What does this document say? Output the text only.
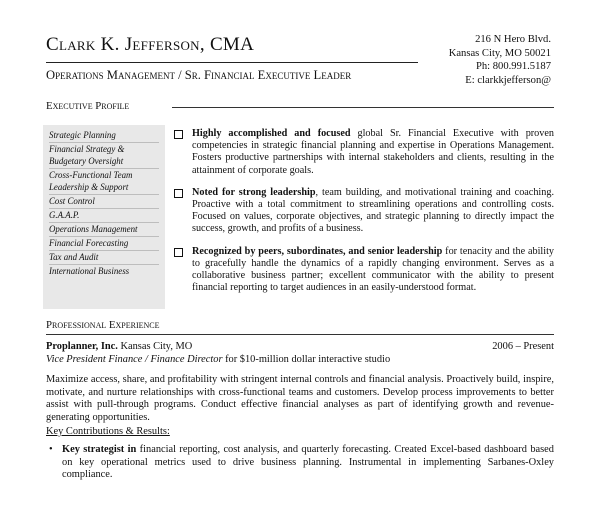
Clark K. Jefferson, CMA
Operations Management / Sr. Financial Executive Leader
216 N Hero Blvd.
Kansas City, MO 50021
Ph: 800.991.5187
E: clarkkjefferson@
Executive Profile
Strategic Planning
Financial Strategy &
Budgetary Oversight
Cross-Functional Team
Leadership & Support
Cost Control
G.A.A.P.
Operations Management
Financial Forecasting
Tax and Audit
International Business
Highly accomplished and focused global Sr. Financial Executive with proven competencies in strategic financial planning and expertise in Operations Management. Fosters productive partnerships with internal stakeholders and clients, resulting in the attainment of corporate goals.
Noted for strong leadership, team building, and motivational training and coaching. Proactive with a total commitment to streamlining operations and controlling costs. Focused on values, corporate objectives, and strategic planning to directly impact the success, growth, and profits of a business.
Recognized by peers, subordinates, and senior leadership for tenacity and the ability to gracefully handle the dynamics of a rapidly changing environment. Serves as a collaborative business partner; excellent communicator with the ability to present financial reporting to target audiences in an easily-understood format.
Professional Experience
Proplanner, Inc. Kansas City, MO	2006 – Present
Vice President Finance / Finance Director for $10-million dollar interactive studio
Maximize access, share, and profitability with stringent internal controls and financial analysis. Proactively build, inspire, motivate, and nurture relationships with cross-functional teams and customers. Develop process improvements to better assist with pull-through programs. Conduct effective financial analyses as part of identifying growth and revenue-generating opportunities.
Key Contributions & Results:
• Key strategist in financial reporting, cost analysis, and quarterly forecasting. Created Excel-based dashboard based on key operational metrics used to drive business planning. Instrumental in implementing Sarbanes-Oxley compliance.
